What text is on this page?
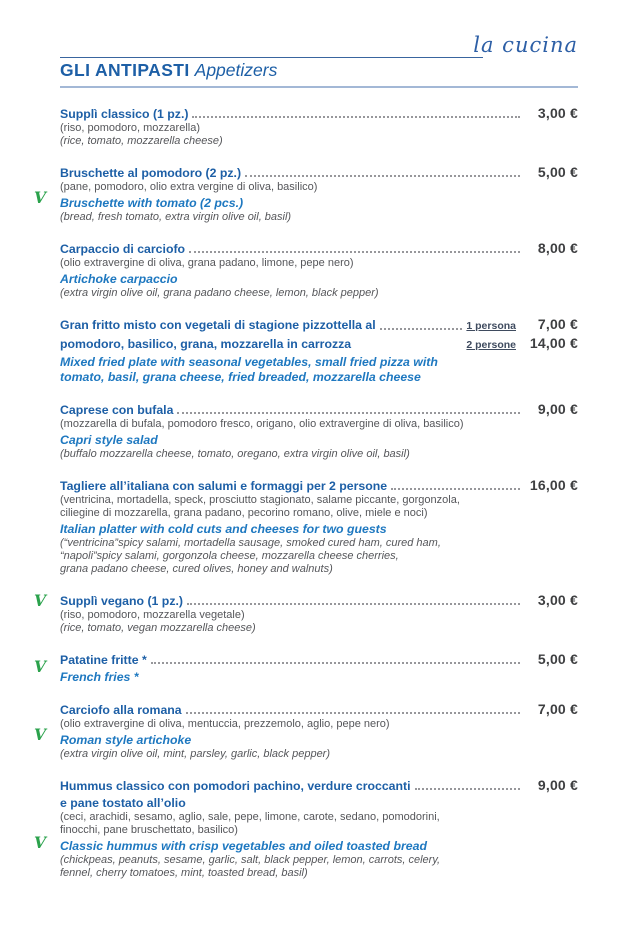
la cucina
GLI ANTIPASTI Appetizers
Supplì classico (1 pz.)	3,00 €
(riso, pomodoro, mozzarella)
(rice, tomato, mozzarella cheese)
V
Bruschette al pomodoro (2 pz.)	5,00 €
(pane, pomodoro, olio extra vergine di oliva, basilico)
Bruschette with tomato (2 pcs.)
(bread, fresh tomato, extra virgin olive oil, basil)
Carpaccio di carciofo	8,00 €
(olio extravergine di oliva, grana padano, limone, pepe nero)
Artichoke carpaccio
(extra virgin olive oil, grana padano cheese, lemon, black pepper)
Gran fritto misto con vegetali di stagione pizzottella al	1 persona	7,00 €
pomodoro, basilico, grana, mozzarella in carrozza	2 persone 14,00 €
Mixed fried plate with seasonal vegetables, small fried pizza with
tomato, basil, grana cheese, fried breaded, mozzarella cheese
Caprese con bufala	9,00 €
(mozzarella di bufala, pomodoro fresco, origano, olio extravergine di oliva, basilico)
Capri style salad
(buffalo mozzarella cheese, tomato, oregano, extra virgin olive oil, basil)
Tagliere all’italiana con salumi e formaggi per 2 persone	16,00 €
(ventricina, mortadella, speck, prosciutto stagionato, salame piccante, gorgonzola,
ciliegine di mozzarella, grana padano, pecorino romano, olive, miele e noci)
Italian platter with cold cuts and cheeses for two guests
(“ventricina”spicy salami, mortadella sausage, smoked cured ham, cured ham,
“napoli”spicy salami, gorgonzola cheese, mozzarella cheese cherries,
grana padano cheese, cured olives, honey and walnuts)
V Supplì vegano (1 pz.)	3,00 €
(riso, pomodoro, mozzarella vegetale)
(rice, tomato, vegan mozzarella cheese)
V Patatine fritte *	5,00 €
French fries *
V
Carciofo alla romana	7,00 €
(olio extravergine di oliva, mentuccia, prezzemolo, aglio, pepe nero)
Roman style artichoke
(extra virgin olive oil, mint, parsley, garlic, black pepper)
V
Hummus classico con pomodori pachino, verdure croccanti	9,00 €
e pane tostato all’olio
(ceci, arachidi, sesamo, aglio, sale, pepe, limone, carote, sedano, pomodorini,
finocchi, pane bruschettato, basilico)
Classic hummus with crisp vegetables and oiled toasted bread
(chickpeas, peanuts, sesame, garlic, salt, black pepper, lemon, carrots, celery,
fennel, cherry tomatoes, mint, toasted bread, basil)
